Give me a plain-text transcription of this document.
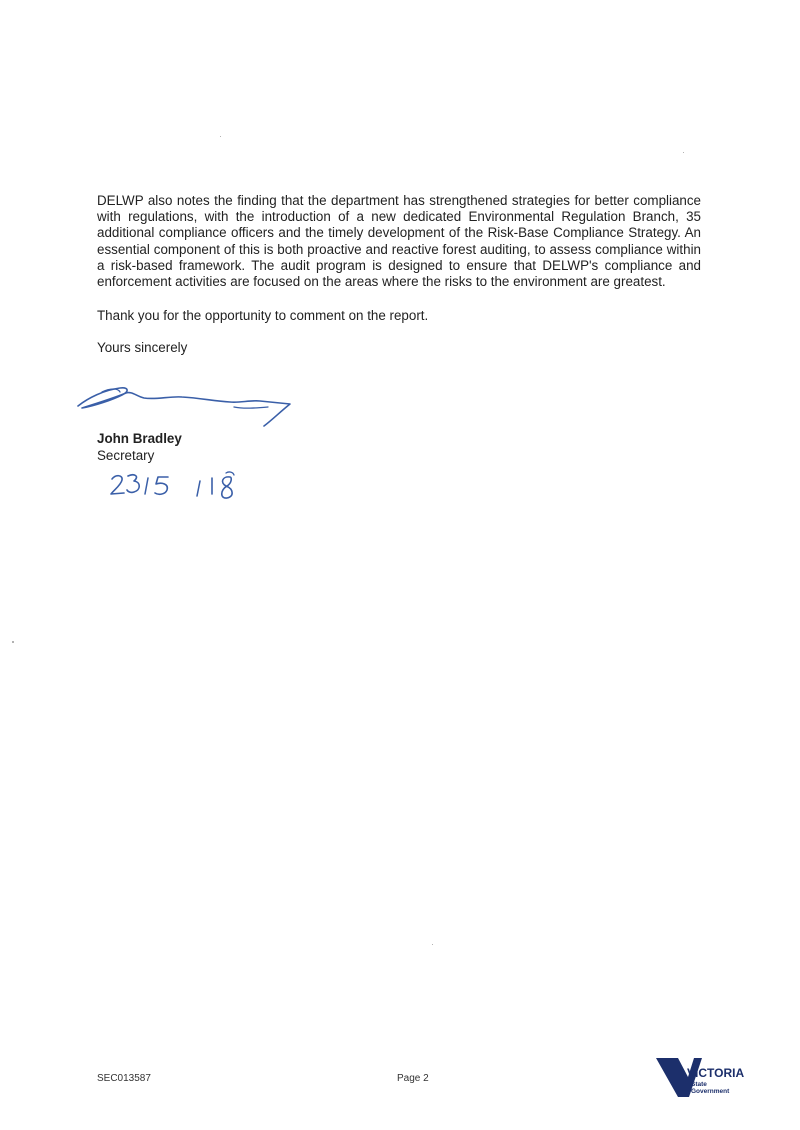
DELWP also notes the finding that the department has strengthened strategies for better compliance with regulations, with the introduction of a new dedicated Environmental Regulation Branch, 35 additional compliance officers and the timely development of the Risk-Base Compliance Strategy. An essential component of this is both proactive and reactive forest auditing, to assess compliance within a risk-based framework. The audit program is designed to ensure that DELWP's compliance and enforcement activities are focused on the areas where the risks to the environment are greatest.

Thank you for the opportunity to comment on the report.

Yours sincerely

John Bradley
Secretary
SEC013587	Page 2	VICTORIA
State
Government
